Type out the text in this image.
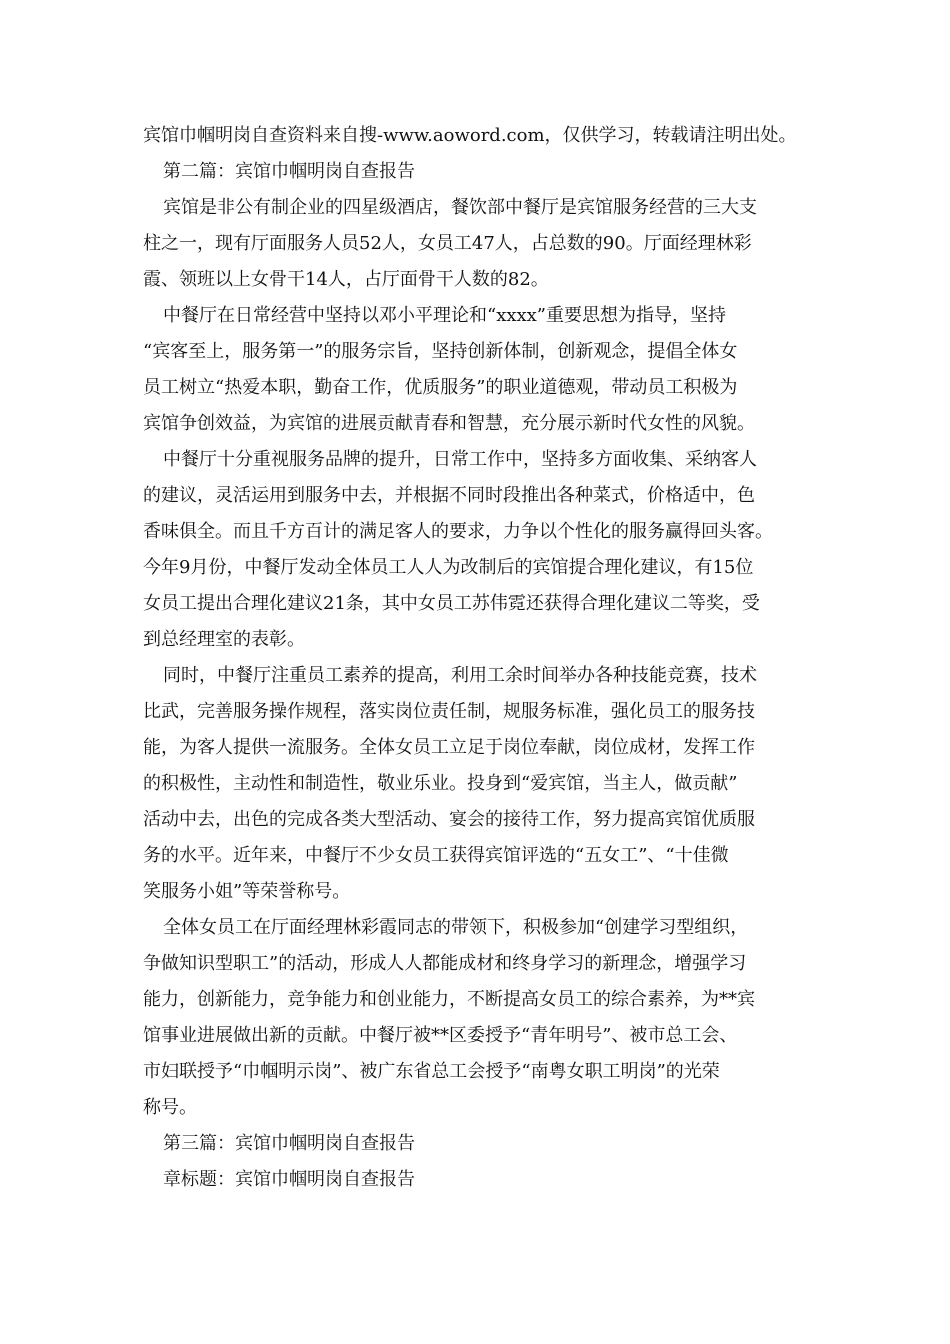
宾馆巾帼明岗自查资料来自搜-www.aoword.com，仅供学习，转载请注明出处。
第二篇：宾馆巾帼明岗自查报告
宾馆是非公有制企业的四星级酒店，餐饮部中餐厅是宾馆服务经营的三大支
柱之一，现有厅面服务人员52人，女员工47人，占总数的90。厅面经理林彩
霞、领班以上女骨干14人，占厅面骨干人数的82。
中餐厅在日常经营中坚持以邓小平理论和“xxxx”重要思想为指导，坚持
“宾客至上，服务第一”的服务宗旨，坚持创新体制，创新观念，提倡全体女
员工树立“热爱本职，勤奋工作，优质服务”的职业道德观，带动员工积极为
宾馆争创效益，为宾馆的进展贡献青春和智慧，充分展示新时代女性的风貌。
中餐厅十分重视服务品牌的提升，日常工作中，坚持多方面收集、采纳客人
的建议，灵活运用到服务中去，并根据不同时段推出各种菜式，价格适中，色
香味俱全。而且千方百计的满足客人的要求，力争以个性化的服务赢得回头客。
今年9月份，中餐厅发动全体员工人人为改制后的宾馆提合理化建议，有15位
女员工提出合理化建议21条，其中女员工苏伟霓还获得合理化建议二等奖，受
到总经理室的表彰。
同时，中餐厅注重员工素养的提高，利用工余时间举办各种技能竞赛，技术
比武，完善服务操作规程，落实岗位责任制，规服务标准，强化员工的服务技
能，为客人提供一流服务。全体女员工立足于岗位奉献，岗位成材，发挥工作
的积极性，主动性和制造性，敬业乐业。投身到“爱宾馆，当主人，做贡献”
活动中去，出色的完成各类大型活动、宴会的接待工作，努力提高宾馆优质服
务的水平。近年来，中餐厅不少女员工获得宾馆评选的“五女工”、“十佳微
笑服务小姐”等荣誉称号。
全体女员工在厅面经理林彩霞同志的带领下，积极参加“创建学习型组织，
争做知识型职工”的活动，形成人人都能成材和终身学习的新理念，增强学习
能力，创新能力，竞争能力和创业能力，不断提高女员工的综合素养，为**宾
馆事业进展做出新的贡献。中餐厅被**区委授予“青年明号”、被市总工会、
市妇联授予“巾帼明示岗”、被广东省总工会授予“南粤女职工明岗”的光荣
称号。
第三篇：宾馆巾帼明岗自查报告
章标题：宾馆巾帼明岗自查报告
